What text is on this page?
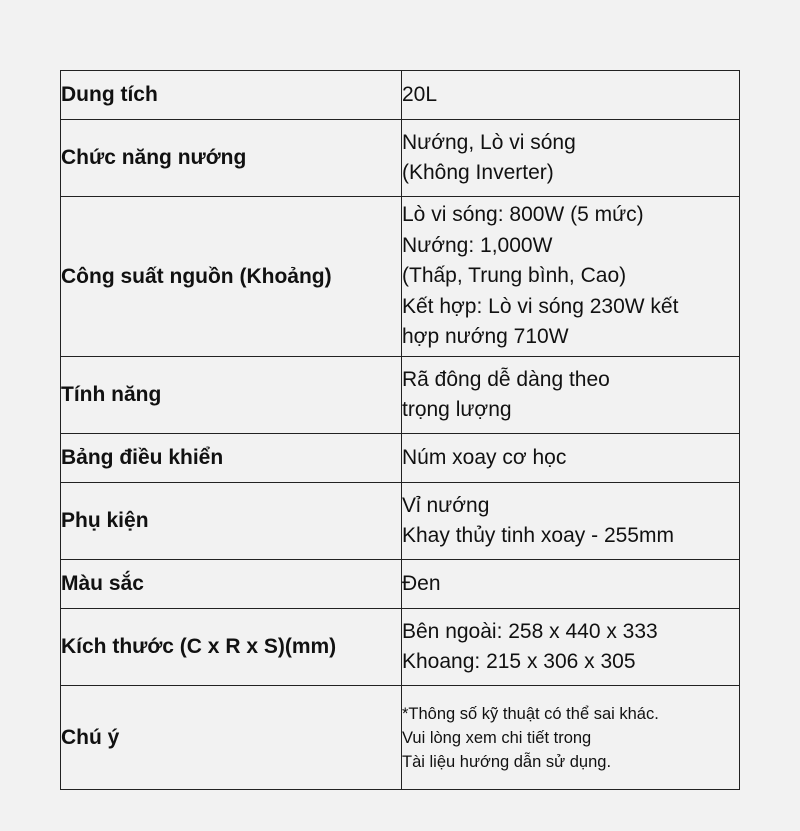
Dung tích	20L

Chức năng nướng	Nướng, Lò vi sóng
(Không Inverter)

Công suất nguồn (Khoảng)	Lò vi sóng: 800W (5 mức)
Nướng: 1,000W
(Thấp, Trung bình, Cao)
Kết hợp: Lò vi sóng 230W kết
hợp nướng 710W

Tính năng	Rã đông dễ dàng theo
trọng lượng

Bảng điều khiển	Núm xoay cơ học

Phụ kiện	Vỉ nướng
Khay thủy tinh xoay - 255mm

Màu sắc	Đen

Kích thước (C x R x S)(mm)	Bên ngoài: 258 x 440 x 333
Khoang: 215 x 306 x 305

Chú ý	*Thông số kỹ thuật có thể sai khác.
Vui lòng xem chi tiết trong
Tài liệu hướng dẫn sử dụng.
